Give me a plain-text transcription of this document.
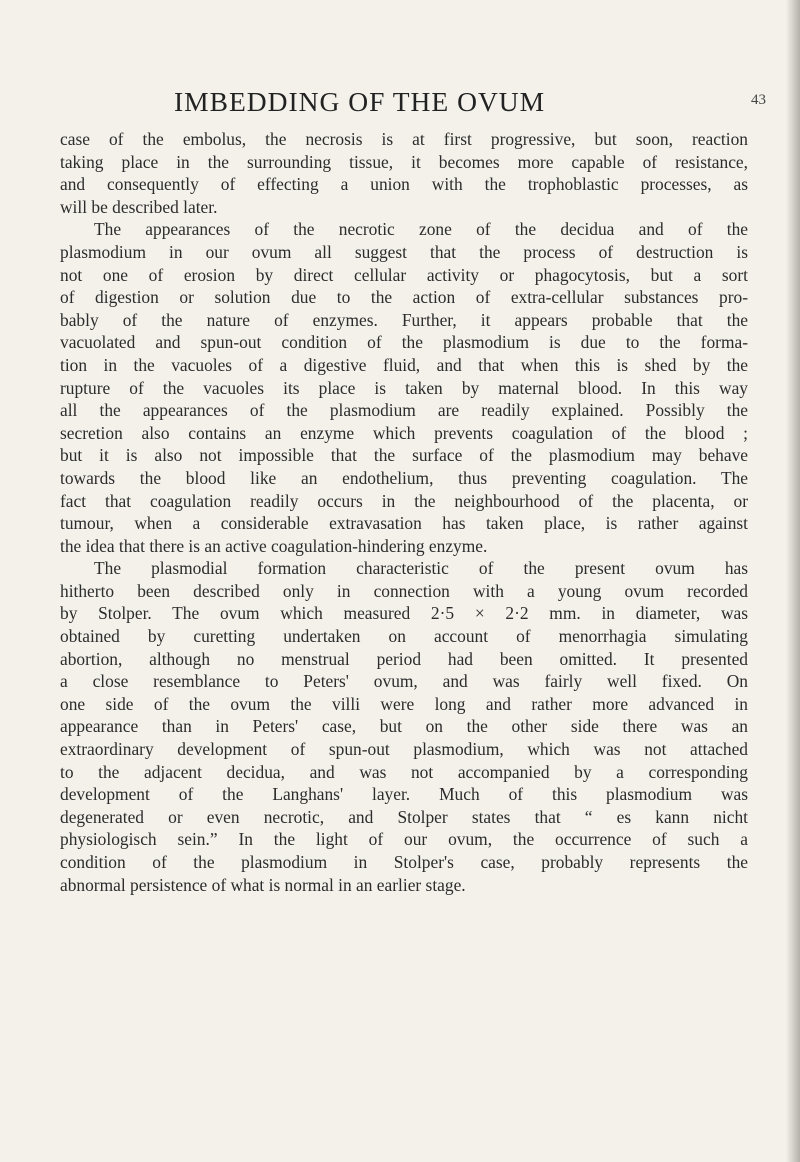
IMBEDDING OF THE OVUM	43
case of the embolus, the necrosis is at first progressive, but soon, reaction
taking place in the surrounding tissue, it becomes more capable of resistance,
and consequently of effecting a union with the trophoblastic processes, as
will be described later.
The appearances of the necrotic zone of the decidua and of the
plasmodium in our ovum all suggest that the process of destruction is
not one of erosion by direct cellular activity or phagocytosis, but a sort
of digestion or solution due to the action of extra-cellular substances pro-
bably of the nature of enzymes. Further, it appears probable that the
vacuolated and spun-out condition of the plasmodium is due to the forma-
tion in the vacuoles of a digestive fluid, and that when this is shed by the
rupture of the vacuoles its place is taken by maternal blood. In this way
all the appearances of the plasmodium are readily explained. Possibly the
secretion also contains an enzyme which prevents coagulation of the blood ;
but it is also not impossible that the surface of the plasmodium may behave
towards the blood like an endothelium, thus preventing coagulation. The
fact that coagulation readily occurs in the neighbourhood of the placenta, or
tumour, when a considerable extravasation has taken place, is rather against
the idea that there is an active coagulation-hindering enzyme.
The plasmodial formation characteristic of the present ovum has
hitherto been described only in connection with a young ovum recorded
by Stolper. The ovum which measured 2·5 × 2·2 mm. in diameter, was
obtained by curetting undertaken on account of menorrhagia simulating
abortion, although no menstrual period had been omitted. It presented
a close resemblance to Peters' ovum, and was fairly well fixed. On
one side of the ovum the villi were long and rather more advanced in
appearance than in Peters' case, but on the other side there was an
extraordinary development of spun-out plasmodium, which was not attached
to the adjacent decidua, and was not accompanied by a corresponding
development of the Langhans' layer. Much of this plasmodium was
degenerated or even necrotic, and Stolper states that “ es kann nicht
physiologisch sein.” In the light of our ovum, the occurrence of such a
condition of the plasmodium in Stolper's case, probably represents the
abnormal persistence of what is normal in an earlier stage.
